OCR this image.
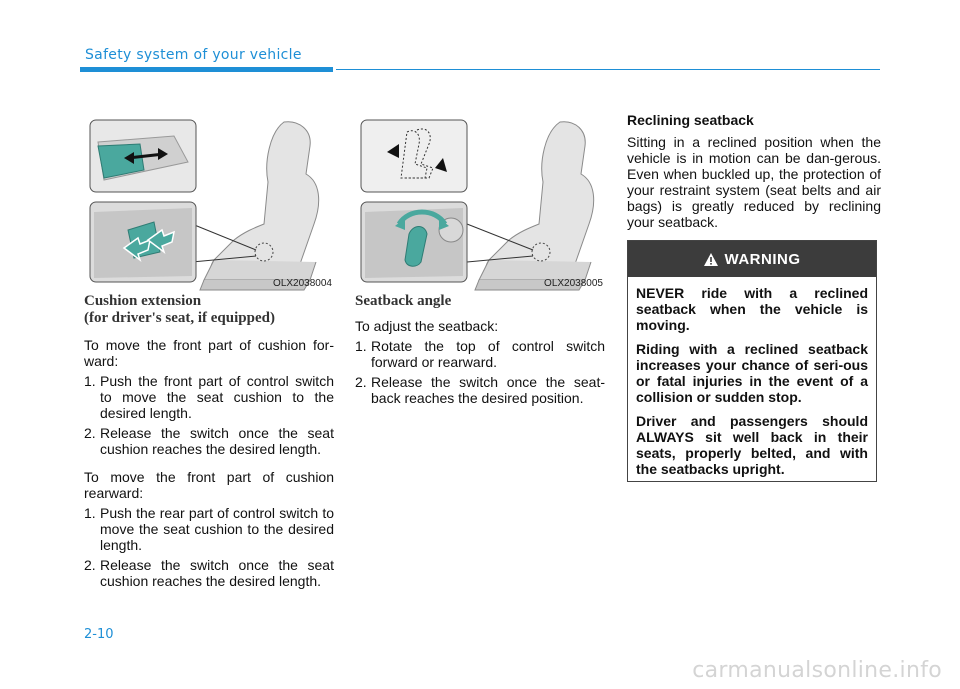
Safety system of your vehicle
OLX2038004	OLX2038005
Cushion extension
(for driver's seat, if equipped)

To move the front part of cushion for-ward:

1. Push the front part of control switch to move the seat cushion to the desired length.
2. Release the switch once the seat cushion reaches the desired length.

To move the front part of cushion rearward:

1. Push the rear part of control switch to move the seat cushion to the desired length.
2. Release the switch once the seat cushion reaches the desired length.
Seatback angle

To adjust the seatback:

1. Rotate the top of control switch forward or rearward.
2. Release the switch once the seat-back reaches the desired position.
Reclining seatback

Sitting in a reclined position when the vehicle is in motion can be dan-gerous. Even when buckled up, the protection of your restraint system (seat belts and air bags) is greatly reduced by reclining your seatback.

WARNING

NEVER ride with a reclined seatback when the vehicle is moving.

Riding with a reclined seatback increases your chance of seri-ous or fatal injuries in the event of a collision or sudden stop.

Driver and passengers should ALWAYS sit well back in their seats, properly belted, and with the seatbacks upright.

2-10
carmanualsonline.info
